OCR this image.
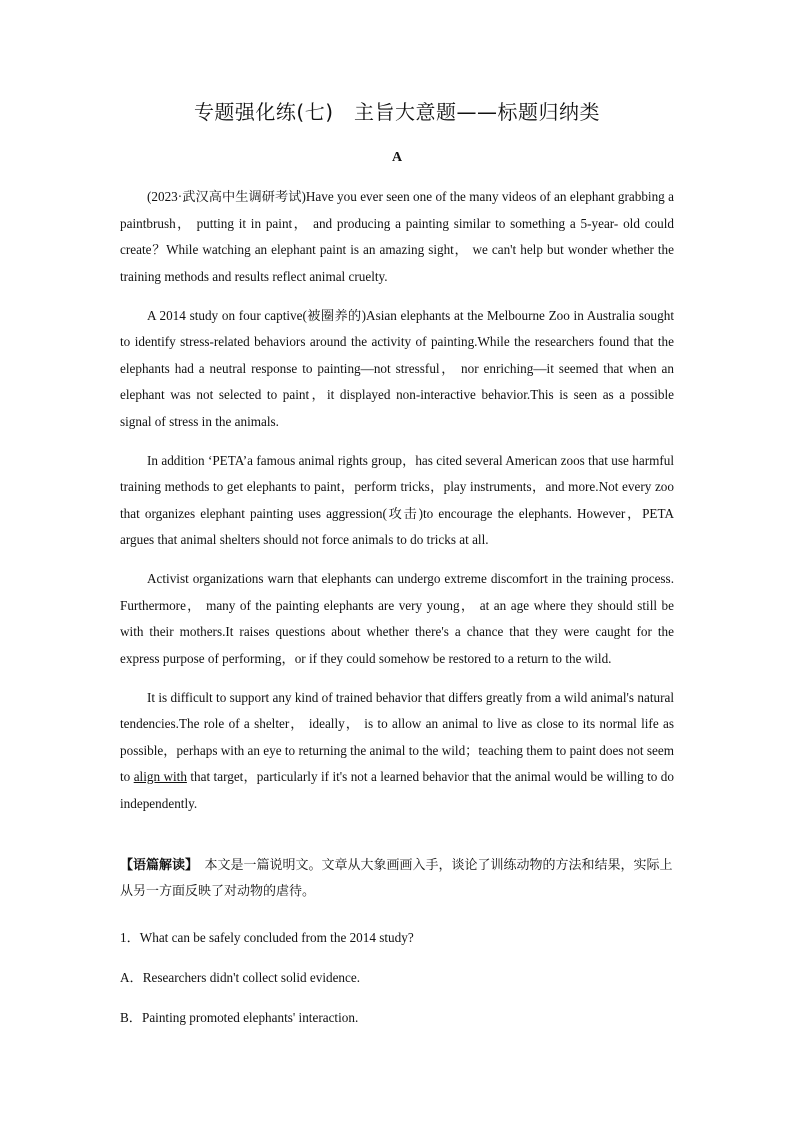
专题强化练(七)　主旨大意题——标题归纳类
A

(2023·武汉高中生调研考试)Have you ever seen one of the many videos of an elephant grabbing a paintbrush， putting it in paint， and producing a painting similar to something a 5-year- old could create？While watching an elephant paint is an amazing sight， we can't help but wonder whether the training methods and results reflect animal cruelty.

A 2014 study on four captive(被圈养的)Asian elephants at the Melbourne Zoo in Australia sought to identify stress-related behaviors around the activity of painting.While the researchers found that the elephants had a neutral response to painting—not stressful， nor enriching—it seemed that when an elephant was not selected to paint，it displayed non-interactive behavior.This is seen as a possible signal of stress in the animals.

In addition ‘PETA’a famous animal rights group，has cited several American zoos that use harmful training methods to get elephants to paint，perform tricks，play instruments，and more.Not every zoo that organizes elephant painting uses aggression(攻击)to encourage the elephants. However，PETA argues that animal shelters should not force animals to do tricks at all.

Activist organizations warn that elephants can undergo extreme discomfort in the training process. Furthermore， many of the painting elephants are very young， at an age where they should still be with their mothers.It raises questions about whether there's a chance that they were caught for the express purpose of performing，or if they could somehow be restored to a return to the wild.

It is difficult to support any kind of trained behavior that differs greatly from a wild animal's natural tendencies.The role of a shelter， ideally， is to allow an animal to live as close to its normal life as possible，perhaps with an eye to returning the animal to the wild；teaching them to paint does not seem to align with that target，particularly if it's not a learned behavior that the animal would be willing to do independently.

【语篇解读】　本文是一篇说明文。文章从大象画画入手，谈论了训练动物的方法和结果，实际上从另一方面反映了对动物的虐待。
1．What can be safely concluded from the 2014 study?
A．Researchers didn't collect solid evidence.
B．Painting promoted elephants' interaction.
